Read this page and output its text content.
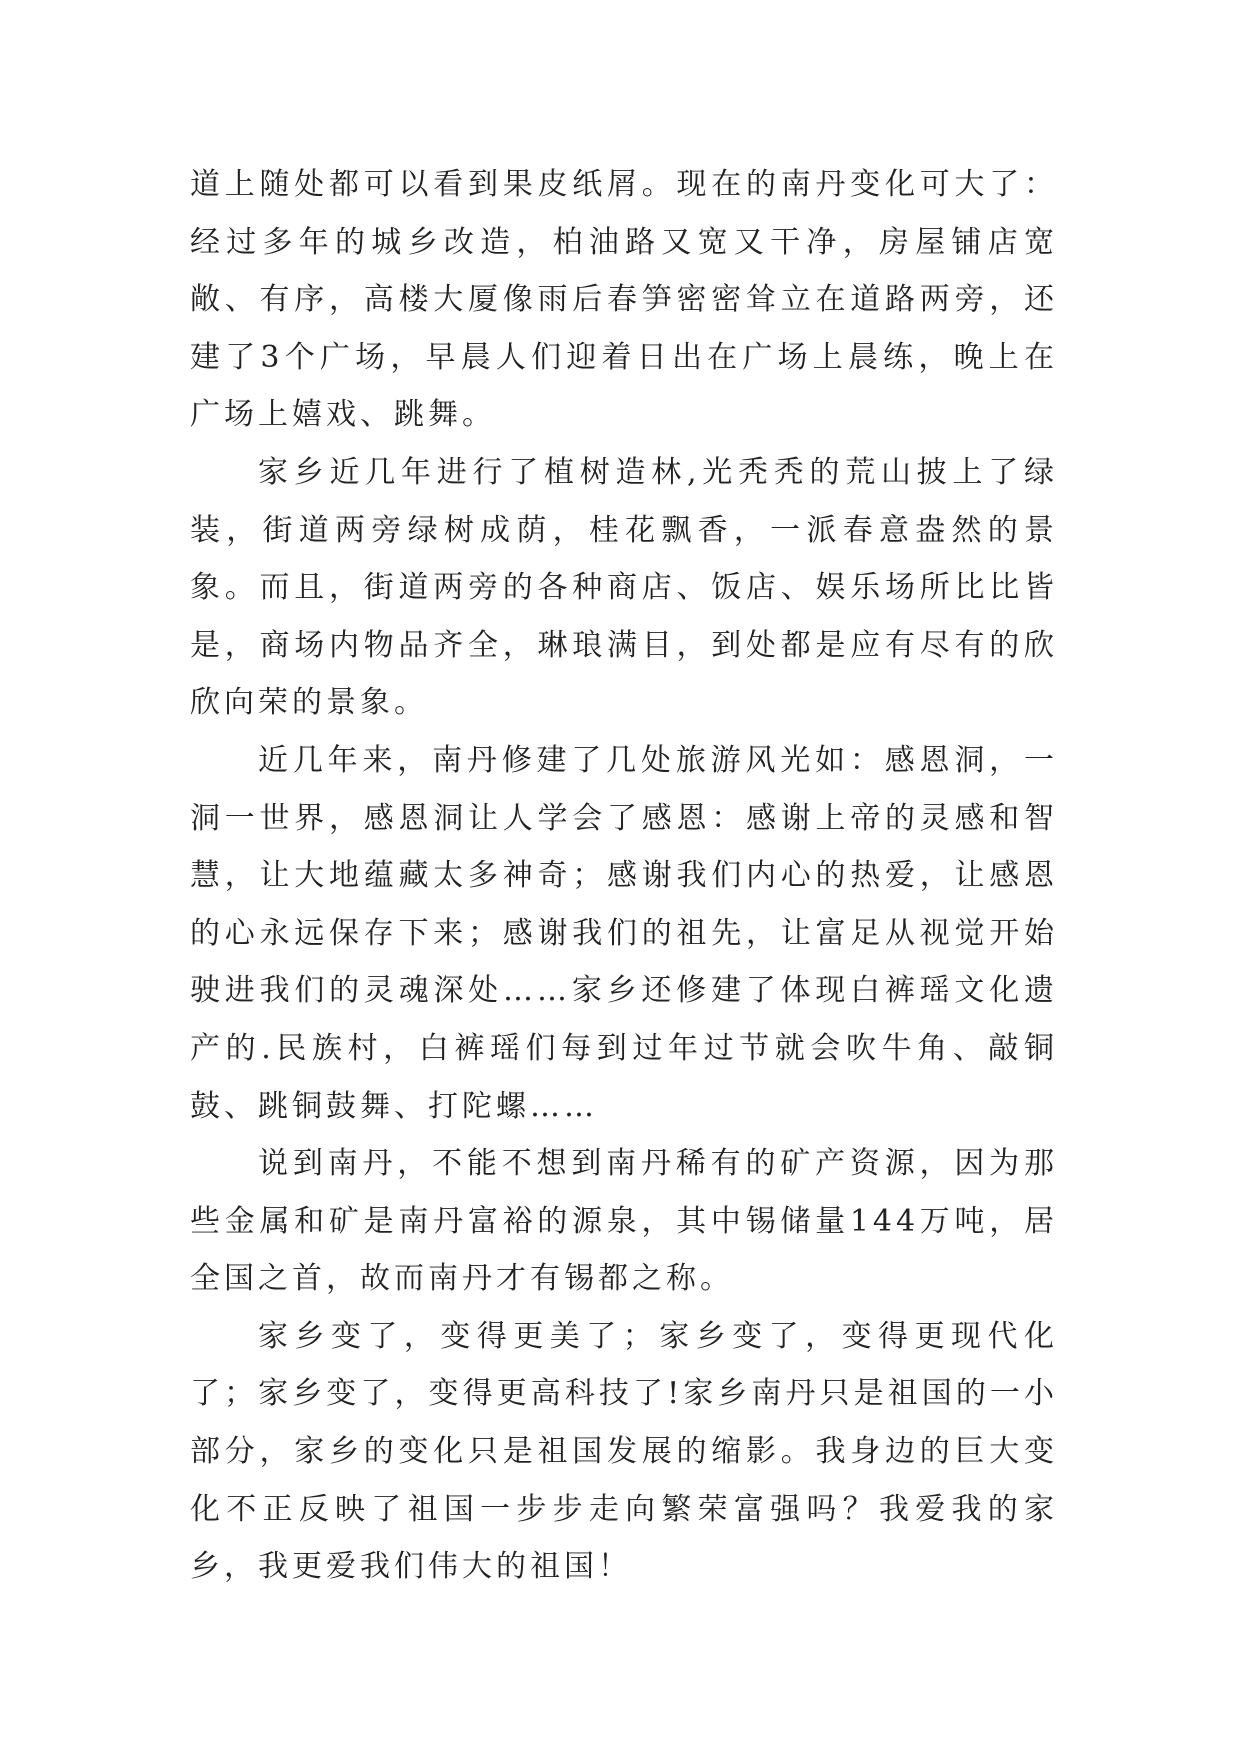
道上随处都可以看到果皮纸屑。现在的南丹变化可大了：经过多年的城乡改造，柏油路又宽又干净，房屋铺店宽敞、有序，高楼大厦像雨后春笋密密耸立在道路两旁，还建了3个广场，早晨人们迎着日出在广场上晨练，晚上在广场上嬉戏、跳舞。

家乡近几年进行了植树造林,光秃秃的荒山披上了绿装，街道两旁绿树成荫，桂花飘香，一派春意盎然的景象。而且，街道两旁的各种商店、饭店、娱乐场所比比皆是，商场内物品齐全，琳琅满目，到处都是应有尽有的欣欣向荣的景象。

近几年来，南丹修建了几处旅游风光如：感恩洞，一洞一世界，感恩洞让人学会了感恩：感谢上帝的灵感和智慧，让大地蕴藏太多神奇；感谢我们内心的热爱，让感恩的心永远保存下来；感谢我们的祖先，让富足从视觉开始驶进我们的灵魂深处……家乡还修建了体现白裤瑶文化遗产的.民族村，白裤瑶们每到过年过节就会吹牛角、敲铜鼓、跳铜鼓舞、打陀螺……

说到南丹，不能不想到南丹稀有的矿产资源，因为那些金属和矿是南丹富裕的源泉，其中锡储量144万吨，居全国之首，故而南丹才有锡都之称。

家乡变了，变得更美了；家乡变了，变得更现代化了；家乡变了，变得更高科技了!家乡南丹只是祖国的一小部分，家乡的变化只是祖国发展的缩影。我身边的巨大变化不正反映了祖国一步步走向繁荣富强吗？我爱我的家乡，我更爱我们伟大的祖国！
